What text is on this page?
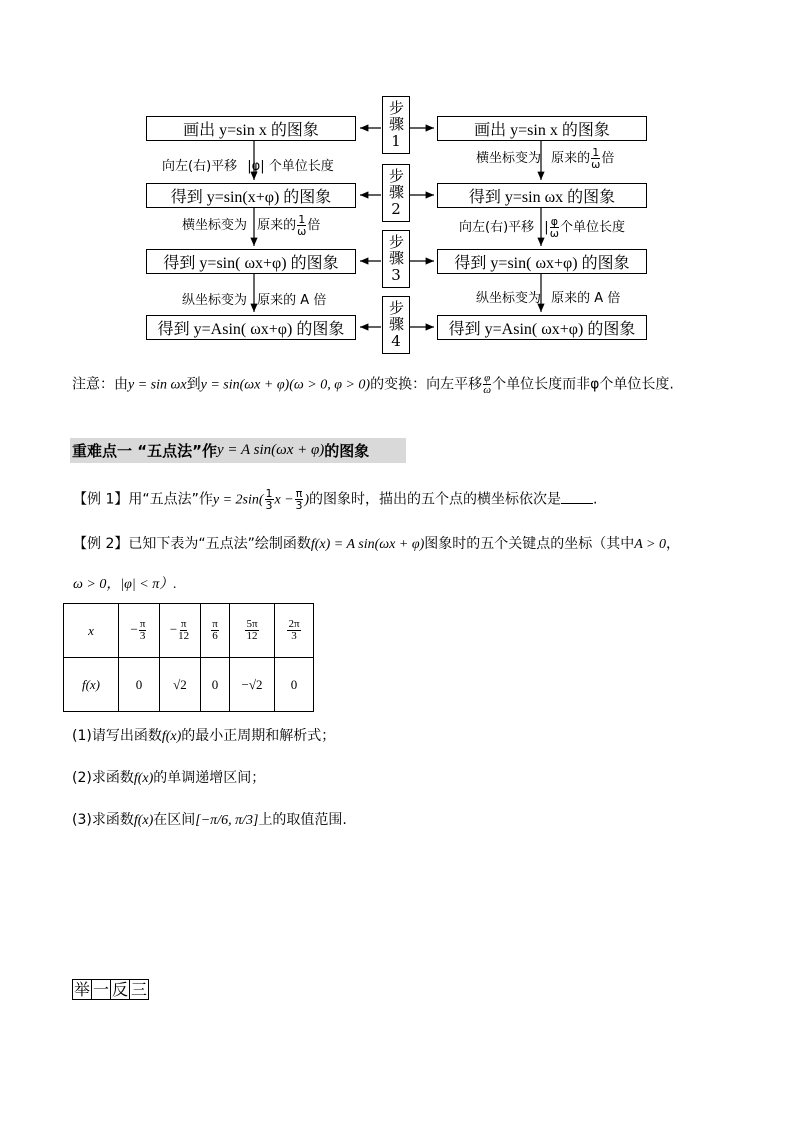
画出 y=sin x 的图象
得到 y=sin(x+φ) 的图象
得到 y=sin( ωx+φ) 的图象
得到 y=Asin( ωx+φ) 的图象
画出 y=sin x 的图象
得到 y=sin ωx 的图象
得到 y=sin( ωx+φ) 的图象
得到 y=Asin( ωx+φ) 的图象
步骤
1
步骤
2
步骤
3
步骤
4
向左(右)平移 |φ| 个单位长度
横坐标变为 原来的 $\frac{1}{\omega}$ 倍
纵坐标变为 原来的 A 倍
横坐标变为 原来的 $\frac{1}{\omega}$ 倍
向左(右)平移 | $\frac{\varphi}{\omega}$ 个单位长度
纵坐标变为 原来的 A 倍
注意：由y = sin ωx到y = sin(ωx + φ)(ω > 0, φ > 0)的变换：向左平移 $\frac{\varphi}{\omega}$ 个单位长度而非φ个单位长度.
重难点一 “五点法”作 y = A sin(ωx + φ) 的图象
【例 1】用“五点法”作$y = 2\sin( \frac{1}{3}$ $x - \frac{\pi}{3}$ )的图象时，描出的五个点的横坐标依次是 .
【例 2】已知下表为“五点法”绘制函数f(x) = A sin(ωx + φ)图象时的五个关键点的坐标（其中A > 0，
ω > 0，|φ| < π）.
x	− $\frac{\pi}{3}$	− $\frac{\pi}{12}$	$\frac{\pi}{6}$	$\frac{5\pi}{12}$	$\frac{2\pi}{3}$

f(x)	0	√2	0	−√2	0
(1)请写出函数f(x)的最小正周期和解析式；
(2)求函数f(x)的单调递增区间；
(3)求函数f(x)在区间[−π/6, π/3]上的取值范围.
举 一 反 三
